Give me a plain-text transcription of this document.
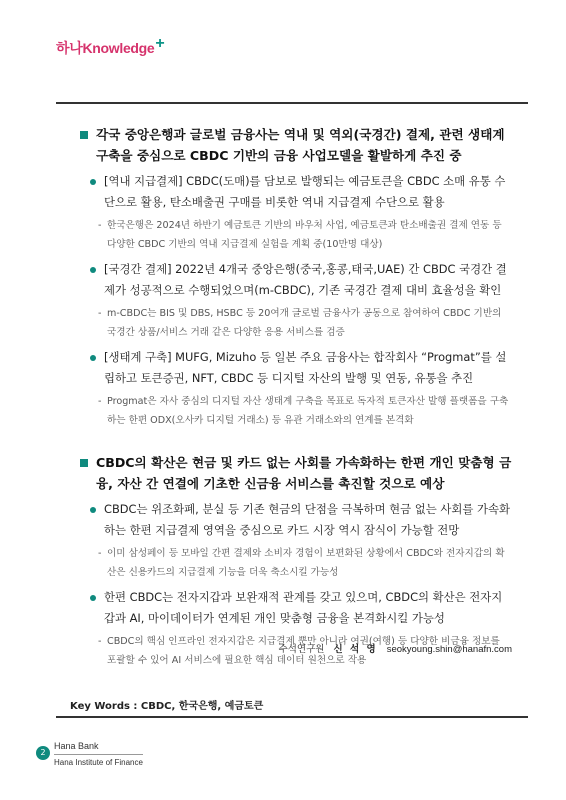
하나Knowledge+
각국 중앙은행과 글로벌 금융사는 역내 및 역외(국경간) 결제, 관련 생태계 구축을 중심으로 CBDC 기반의 금융 사업모델을 활발하게 추진 중
[역내 지급결제] CBDC(도매)를 담보로 발행되는 예금토큰을 CBDC 소매 유통 수단으로 활용, 탄소배출권 구매를 비롯한 역내 지급결제 수단으로 활용
- 한국은행은 2024년 하반기 예금토큰 기반의 바우처 사업, 예금토큰과 탄소배출권 결제 연동 등 다양한 CBDC 기반의 역내 지급결제 실험을 계획 중(10만명 대상)
[국경간 결제] 2022년 4개국 중앙은행(중국,홍콩,태국,UAE) 간 CBDC 국경간 결제가 성공적으로 수행되었으며(m-CBDC), 기존 국경간 결제 대비 효율성을 확인
- m-CBDC는 BIS 및 DBS, HSBC 등 20여개 글로벌 금융사가 공동으로 참여하여 CBDC 기반의 국경간 상품/서비스 거래 같은 다양한 응용 서비스를 검증
[생태계 구축] MUFG, Mizuho 등 일본 주요 금융사는 합작회사 “Progmat”를 설립하고 토큰증권, NFT, CBDC 등 디지털 자산의 발행 및 연동, 유통을 추진
- Progmat은 자사 중심의 디지털 자산 생태계 구축을 목표로 독자적 토큰자산 발행 플랫폼을 구축하는 한편 ODX(오사카 디지털 거래소) 등 유관 거래소와의 연계를 본격화
CBDC의 확산은 현금 및 카드 없는 사회를 가속화하는 한편 개인 맞춤형 금융, 자산 간 연결에 기초한 신금융 서비스를 촉진할 것으로 예상
CBDC는 위조화폐, 분실 등 기존 현금의 단점을 극복하며 현금 없는 사회를 가속화하는 한편 지급결제 영역을 중심으로 카드 시장 역시 잠식이 가능할 전망
- 이미 삼성페이 등 모바일 간편 결제와 소비자 경험이 보편화된 상황에서 CBDC와 전자지갑의 확산은 신용카드의 지급결제 기능을 더욱 축소시킬 가능성
한편 CBDC는 전자지갑과 보완재적 관계를 갖고 있으며, CBDC의 확산은 전자지갑과 AI, 마이데이터가 연계된 개인 맞춤형 금융을 본격화시킬 가능성
- CBDC의 핵심 인프라인 전자지갑은 지급결제 뿐만 아니라 여권(여행) 등 다양한 비금융 정보를 포괄할 수 있어 AI 서비스에 필요한 핵심 데이터 원천으로 작용
수석연구원 신 석 영 seokyoung.shin@hanafn.com
Key Words : CBDC, 한국은행, 예금토큰
2
Hana Bank
Hana Institute of Finance
